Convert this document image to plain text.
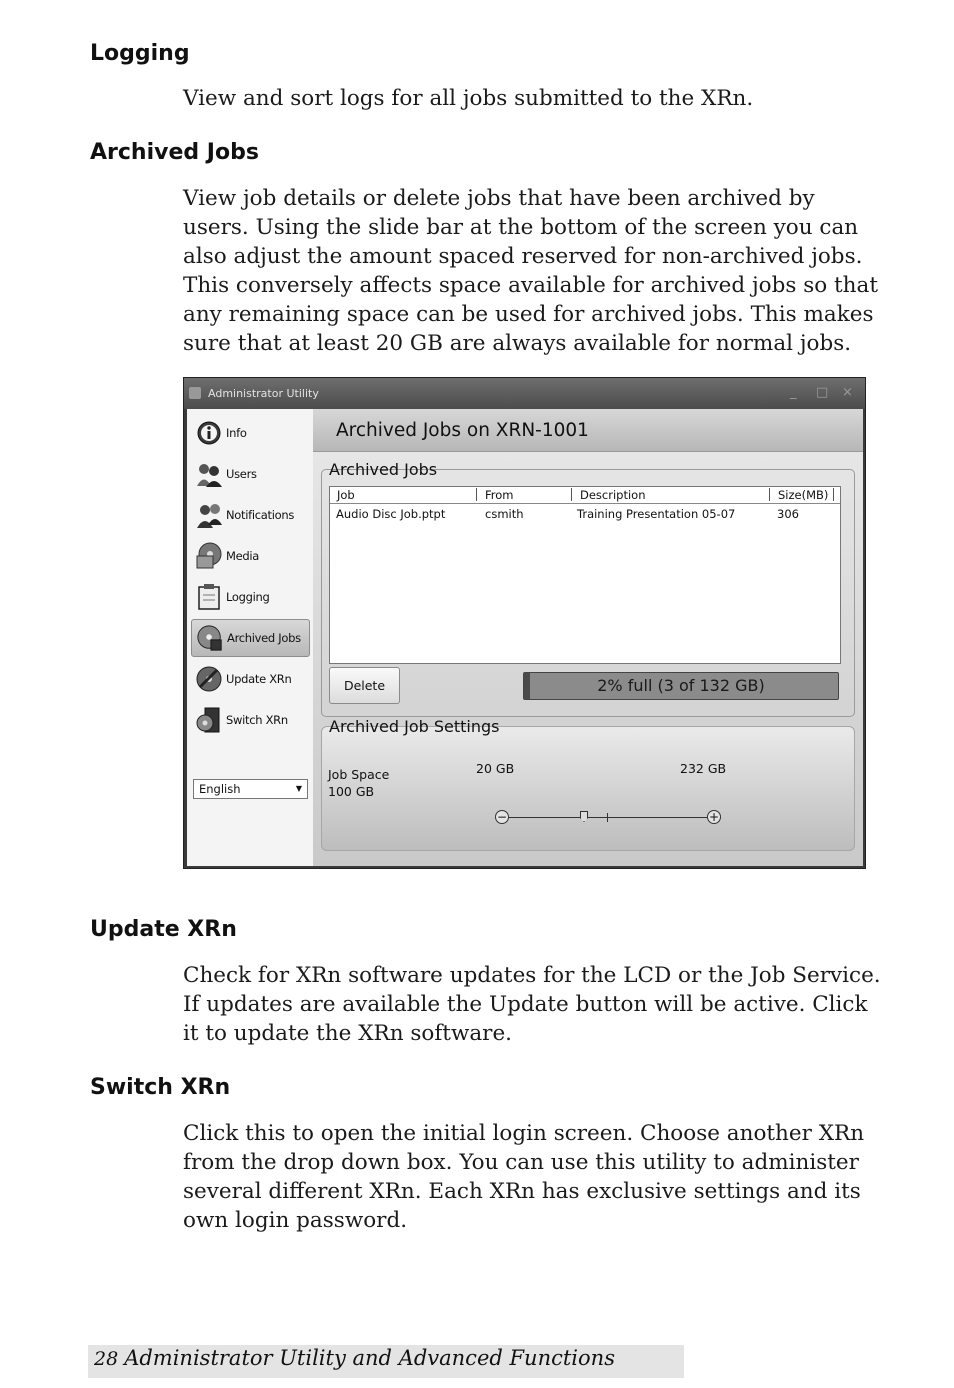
Logging

View and sort logs for all jobs submitted to the XRn.

Archived Jobs

View job details or delete jobs that have been archived by
users. Using the slide bar at the bottom of the screen you can
also adjust the amount spaced reserved for non-archived jobs.
This conversely affects space available for archived jobs so that
any remaining space can be used for archived jobs. This makes
sure that at least 20 GB are always available for normal jobs.

Administrator Utility	_ □ ×
Info
Users
Notifications
Media
Logging
Archived Jobs
Update XRn
Switch XRn
English	▼
Archived Jobs on XRN-1001
Archived Jobs
Job	From	Description	Size(MB)
Audio Disc Job.ptpt	csmith	Training Presentation 05-07	306
Delete	2% full (3 of 132 GB)
Archived Job Settings
Job Space
100 GB
20 GB	232 GB
−	+
Update XRn

Check for XRn software updates for the LCD or the Job Service.
If updates are available the Update button will be active. Click
it to update the XRn software.

Switch XRn

Click this to open the initial login screen. Choose another XRn
from the drop down box. You can use this utility to administer
several different XRn. Each XRn has exclusive settings and its
own login password.

28 Administrator Utility and Advanced Functions
